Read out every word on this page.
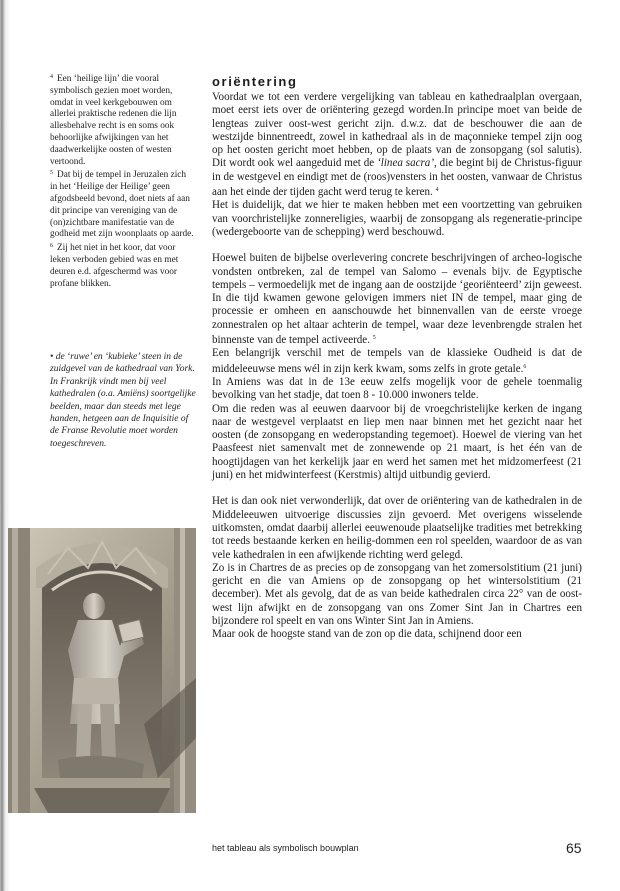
$^4$ Een ‘heilige lijn’ die vooral symbolisch gezien moet worden, omdat in veel kerkgebouwen om allerlei praktische redenen die lijn allesbehalve recht is en soms ook behoorlijke afwijkingen van het daadwerkelijke oosten of westen vertoond.

$^5$ Dat bij de tempel in Jeruzalen zich in het ‘Heilige der Heilige’ geen afgodsbeeld bevond, doet niets af aan dit principe van vereniging van de (on)zichtbare manifestatie van de godheid met zijn woonplaats op aarde.

$^6$ Zij het niet in het koor, dat voor leken verboden gebied was en met deuren e.d. afgeschermd was voor profane blikken.

• de ‘ruwe’ en ‘kubieke’ steen in de zuidgevel van de kathedraal van York.

In Frankrijk vindt men bij veel kathedralen (o.a. Amiëns) soortgelijke beelden, maar dan steeds met lege handen, hetgeen aan de Inquisitie of de Franse Revolutie moet worden toegeschreven.

oriëntering

Voordat we tot een verdere vergelijking van tableau en kathedraalplan overgaan, moet eerst iets over de oriëntering gezegd worden.In principe moet van beide de lengteas zuiver oost-west gericht zijn. d.w.z. dat de beschouwer die aan de westzijde binnentreedt, zowel in kathedraal als in de maçonnieke tempel zijn oog op het oosten gericht moet hebben, op de plaats van de zonsopgang (sol salutis). Dit wordt ook wel aangeduid met de ‘linea sacra’, die begint bij de Christus-figuur in de westgevel en eindigt met de (roos)vensters in het oosten, vanwaar de Christus aan het einde der tijden gacht werd terug te keren. $^4$
Het is duidelijk, dat we hier te maken hebben met een voortzetting van gebruiken van voorchristelijke zonnereligies, waarbij de zonsopgang als regeneratie-principe (wedergeboorte van de schepping) werd beschouwd.

Hoewel buiten de bijbelse overlevering concrete beschrijvingen of archeo-logische vondsten ontbreken, zal de tempel van Salomo – evenals bijv. de Egyptische tempels – vermoedelijk met de ingang aan de oostzijde ‘georiënteerd’ zijn geweest. In die tijd kwamen gewone gelovigen immers niet IN de tempel, maar ging de processie er omheen en aanschouwde het binnenvallen van de eerste vroege zonnestralen op het altaar achterin de tempel, waar deze levenbrengde stralen het binnenste van de tempel activeerde. $^5$
Een belangrijk verschil met de tempels van de klassieke Oudheid is dat de middeleeuwse mens wél in zijn kerk kwam, soms zelfs in grote getale.$^6$
In Amiens was dat in de 13e eeuw zelfs mogelijk voor de gehele toenmalig bevolking van het stadje, dat toen 8 - 10.000 inwoners telde.
Om die reden was al eeuwen daarvoor bij de vroegchristelijke kerken de ingang naar de westgevel verplaatst en liep men naar binnen met het gezicht naar het oosten (de zonsopgang en wederopstanding tegemoet). Hoewel de viering van het Paasfeest niet samenvalt met de zonnewende op 21 maart, is het één van de hoogtijdagen van het kerkelijk jaar en werd het samen met het midzomerfeest (21 juni) en het midwinterfeest (Kerstmis) altijd uitbundig gevierd.

Het is dan ook niet verwonderlijk, dat over de oriëntering van de kathedralen in de Middeleeuwen uitvoerige discussies zijn gevoerd. Met overigens wisselende uitkomsten, omdat daarbij allerlei eeuwenoude plaatselijke tradities met betrekking tot reeds bestaande kerken en heilig-dommen een rol speelden, waardoor de as van vele kathedralen in een afwijkende richting werd gelegd.
Zo is in Chartres de as precies op de zonsopgang van het zomersolstitium (21 juni) gericht en die van Amiens op de zonsopgang op het wintersolstitium (21 december). Met als gevolg, dat de as van beide kathedralen circa 22° van de oost-west lijn afwijkt en de zonsopgang van ons Zomer Sint Jan in Chartres een bijzondere rol speelt en van ons Winter Sint Jan in Amiens.
Maar ook de hoogste stand van de zon op die data, schijnend door een

het tableau als symbolisch bouwplan	65
